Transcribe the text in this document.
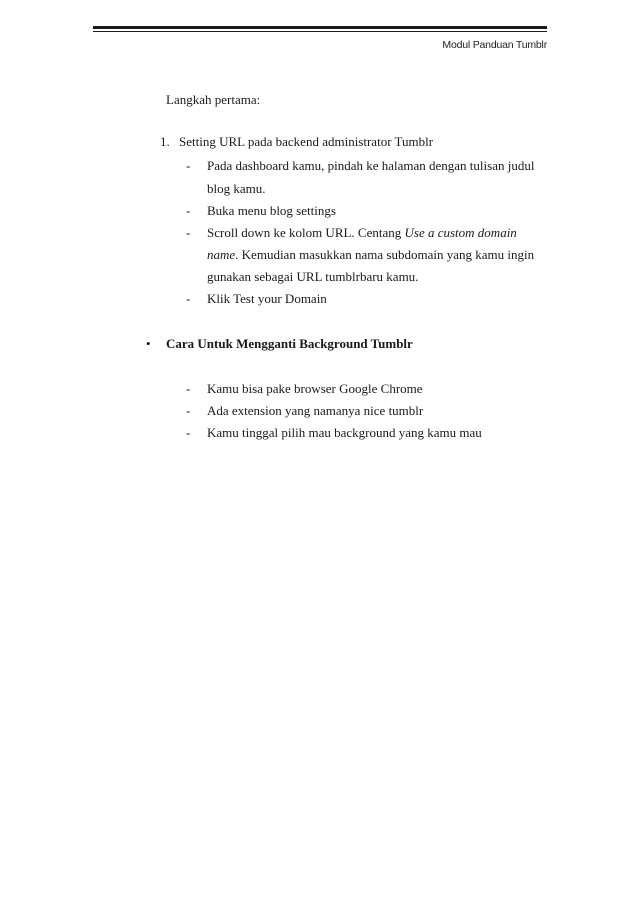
Modul Panduan Tumblr
Langkah pertama:
1. Setting URL pada backend administrator Tumblr
- Pada dashboard kamu, pindah ke halaman dengan tulisan judul
blog kamu.
- Buka menu blog settings
- Scroll down ke kolom URL. Centang Use a custom domain
name. Kemudian masukkan nama subdomain yang kamu ingin
gunakan sebagai URL tumblrbaru kamu.
- Klik Test your Domain
• Cara Untuk Mengganti Background Tumblr
- Kamu bisa pake browser Google Chrome
- Ada extension yang namanya nice tumblr
- Kamu tinggal pilih mau background yang kamu mau
